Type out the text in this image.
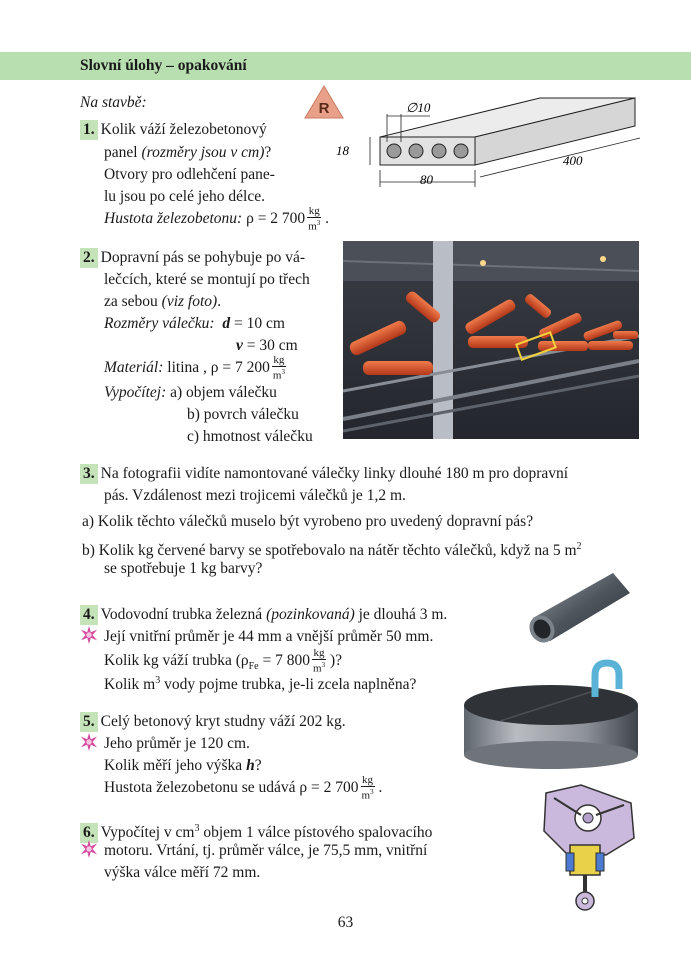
Slovní úlohy – opakování
Na stavbě:	R	∅10
18
80
400
1. Kolik váží železobetonový
panel (rozměry jsou v cm)?
Otvory pro odlehčení pane-
lu jsou po celé jeho délce.
Hustota železobetonu: ρ = 2 $700 \frac{kg}{m^3}$ .
2. Dopravní pás se pohybuje po vá-
lečcích, které se montují po třech
za sebou (viz foto).
Rozměry válečku: d = 10 cm
v = 30 cm
Materiál: litina , ρ = 7 $200 \frac{kg}{m^3}$
Vypočítej: a) objem válečku
b) povrch válečku
c) hmotnost válečku
3. Na fotografii vidíte namontované válečky linky dlouhé 180 m pro dopravní
pás. Vzdálenost mezi trojicemi válečků je 1,2 m.
a) Kolik těchto válečků muselo být vyrobeno pro uvedený dopravní pás?
b) Kolik kg červené barvy se spotřebovalo na nátěr těchto válečků, když na 5 $m^2$
se spotřebuje 1 kg barvy?
4. Vodovodní trubka železná (pozinkovaná) je dlouhá 3 m.
Její vnitřní průměr je 44 mm a vnější průměr 50 mm.
Kolik kg váží trubka ($\rho_{Fe} = 7$ $800 \frac{kg}{m^3}$ )?
Kolik $m^3$ vody pojme trubka, je-li zcela naplněna?
5. Celý betonový kryt studny váží 202 kg.
Jeho průměr je 120 cm.
Kolik měří jeho výška h?
Hustota železobetonu se udává ρ = 2 $700 \frac{kg}{m^3}$ .
6. Vypočítej v $cm^3$ objem 1 válce pístového spalovacího
motoru. Vrtání, tj. průměr válce, je 75,5 mm, vnitřní
výška válce měří 72 mm.
63
